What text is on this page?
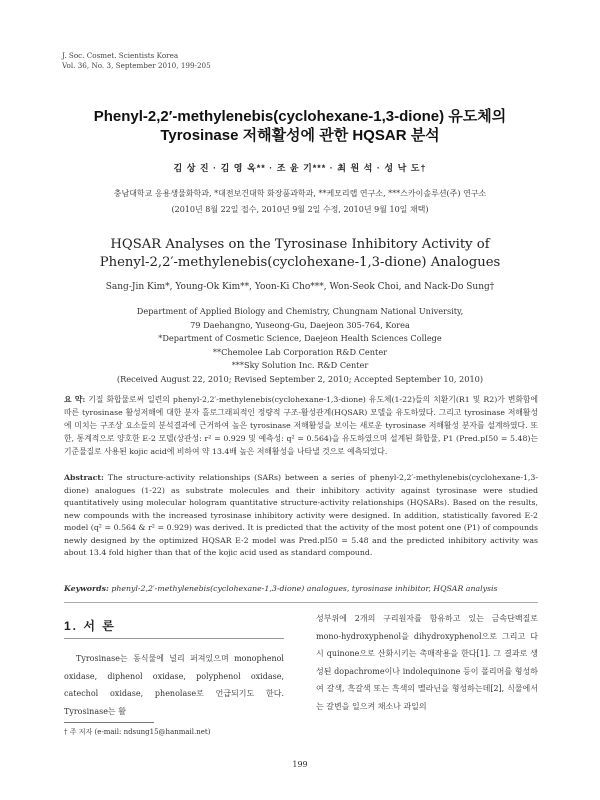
J. Soc. Cosmet. Scientists Korea
Vol. 36, No. 3, September 2010, 199-205
Phenyl-2,2′-methylenebis(cyclohexane-1,3-dione) 유도체의
Tyrosinase 저해활성에 관한 HQSAR 분석
김 상 진 · 김 영 옥** · 조 윤 기*** · 최 원 석 · 성 낙 도†
충남대학교 응용생물화학과, *대전보건대학 화장품과학과, **케모리랩 연구소, ***스카이솔루션(주) 연구소
(2010년 8월 22일 접수, 2010년 9월 2일 수정, 2010년 9월 10일 채택)
HQSAR Analyses on the Tyrosinase Inhibitory Activity of
Phenyl-2,2′-methylenebis(cyclohexane-1,3-dione) Analogues
Sang-Jin Kim*, Young-Ok Kim**, Yoon-Ki Cho***, Won-Seok Choi, and Nack-Do Sung†
Department of Applied Biology and Chemistry, Chungnam National University,
79 Daehangno, Yuseong-Gu, Daejeon 305-764, Korea
*Department of Cosmetic Science, Daejeon Health Sciences College
**Chemolee Lab Corporation R&D Center
***Sky Solution Inc. R&D Center
(Received August 22, 2010; Revised September 2, 2010; Accepted September 10, 2010)
요 약: 기질 화합물로써 일련의 phenyl-2,2′-methylenebis(cyclohexane-1,3-dione) 유도체(1-22)들의 치환기(R1 및 R2)가 변화함에 따른 tyrosinase 활성저해에 대한 분자 홀로그래피적인 정량적 구조-활성관계(HQSAR) 모델을 유도하였다. 그리고 tyrosinase 저해활성에 미치는 구조상 요소들의 분석결과에 근거하여 높은 tyrosinase 저해활성을 보이는 새로운 tyrosinase 저해활성 분자를 설계하였다. 또한, 통계적으로 양호한 E-2 모델(상관성: r² = 0.929 및 예측성: q² = 0.564)을 유도하였으며 설계된 화합물, P1 (Pred.pI50 = 5.48)는 기준물질로 사용된 kojic acid에 비하여 약 13.4배 높은 저해활성을 나타낼 것으로 예측되었다.
Abstract: The structure-activity relationships (SARs) between a series of phenyl-2,2′-methylenebis(cyclohexane-1,3-dione) analogues (1-22) as substrate molecules and their inhibitory activity against tyrosinase were studied quantitatively using molecular hologram quantitative structure-activity relationships (HQSARs). Based on the results, new compounds with the increased tyrosinase inhibitory activity were designed. In addition, statistically favored E-2 model (q² = 0.564 & r² = 0.929) was derived. It is predicted that the activity of the most potent one (P1) of compounds newly designed by the optimized HQSAR E-2 model was Pred.pI50 = 5.48 and the predicted inhibitory activity was about 13.4 fold higher than that of the kojic acid used as standard compound.
Keywords: phenyl-2,2′-methylenebis(cyclohexane-1,3-dione) analogues, tyrosinase inhibitor, HQSAR analysis
1. 서 론
Tyrosinase는 동식물에 널리 퍼져있으며 monophenol oxidase, diphenol oxidase, polyphenol oxidase, catechol oxidase, phenolase로 언급되기도 한다. Tyrosinase는 활
성부위에 2개의 구리원자를 함유하고 있는 금속단백질로 mono-hydroxyphenol을 dihydroxyphenol으로 그리고 다시 quinone으로 산화시키는 촉매작용을 한다[1]. 그 결과로 생성된 dopachrome이나 indolequinone 등이 폴리머를 형성하여 갈색, 흑갈색 또는 흑색의 멜라닌을 형성하는데[2], 식물에서는 갈변을 일으켜 채소나 과일의
† 주 저자 (e-mail: ndsung15@hanmail.net)
199
